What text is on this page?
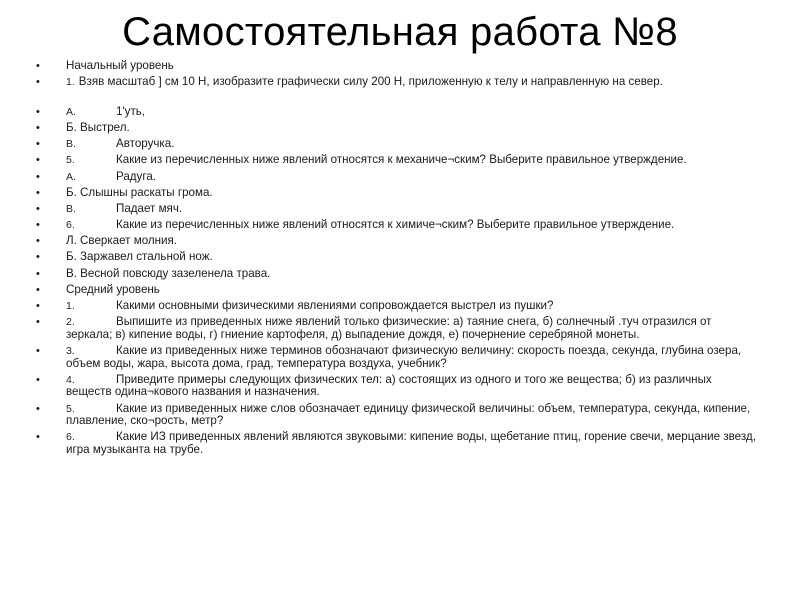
Самостоятельная работа №8
•	Начальный уровень
•	1. Взяв масштаб ] см 10 Н, изобразите графически силу 200 Н, приложенную к телу и направленную на север.
•	A.	1'уть,
•	Б. Выстрел.
•	B.	Авторучка.
•	5.	Какие из перечисленных ниже явлений относятся к механиче¬ским? Выберите правильное утверждение.
•	A.	Радуга.
•	Б. Слышны раскаты грома.
•	B.	Падает мяч.
•	6.	Какие из перечисленных ниже явлений относятся к химиче¬ским? Выберите правильное утверждение.
•	Л. Сверкает молния.
•	Б. Заржавел стальной нож.
•	В. Весной повсюду зазеленела трава.
•	Средний уровень
•	1.	Какими основными физическими явлениями сопровождается выстрел из пушки?
•	2.	Выпишите из приведенных ниже явлений только физические: а) таяние снега, б) солнечный .туч отразился от зеркала; в) кипение воды, г) гниение картофеля, д) выпадение дождя, е) почернение серебряной монеты.
•	3.	Какие из приведенных ниже терминов обозначают физическую величину: скорость поезда, секунда, глубина озера, объем воды, жара, высота дома, град, температура воздуха, учебник?
•	4.	Приведите примеры следующих физических тел: а) состоящих из одного и того же вещества; б) из различных веществ одина¬кового названия и назначения.
•	5.	Какие из приведенных ниже слов обозначает единицу физической величины: объем, температура, секунда, кипение, плавление, ско¬рость, метр?
•	6.	Какие ИЗ приведенных явлений являются звуковыми: кипение воды, щебетание птиц, горение свечи, мерцание звезд, игра музыканта на трубе.
